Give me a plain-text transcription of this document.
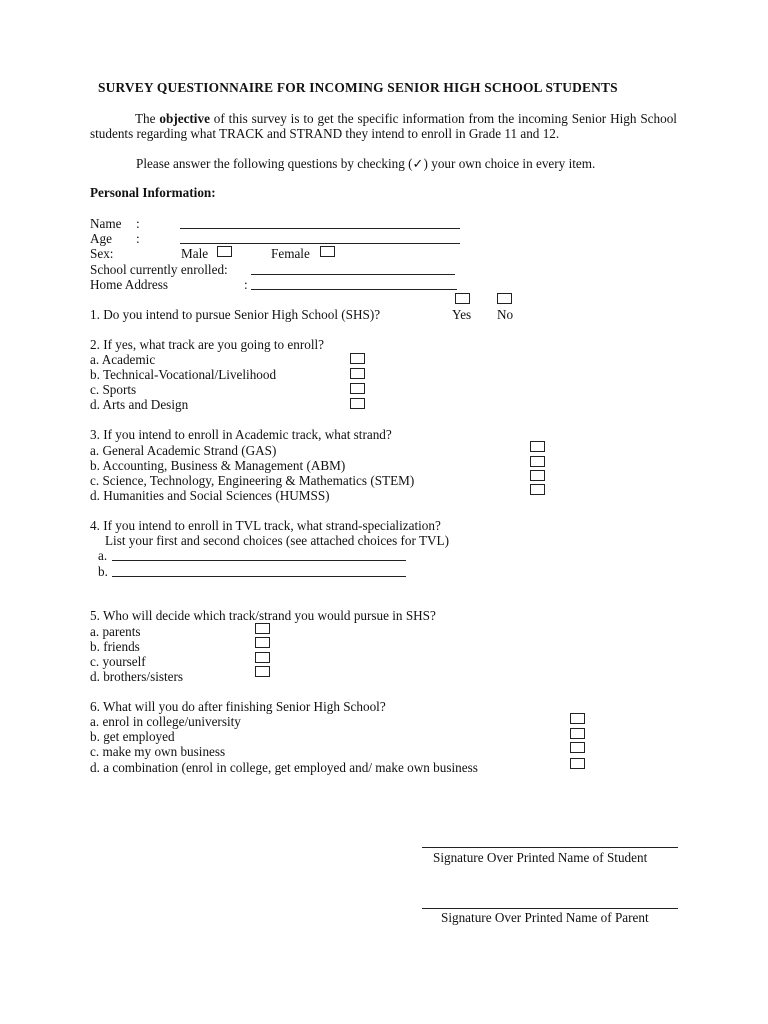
SURVEY QUESTIONNAIRE FOR INCOMING SENIOR HIGH SCHOOL STUDENTS
The objective of this survey is to get the specific information from the incoming Senior High School students regarding what TRACK and STRAND they intend to enroll in Grade 11 and 12.
Please answer the following questions by checking (✓) your own choice in every item.
Personal Information:
Name :
Age :
Sex:	Male	Female
School currently enrolled:
Home Address	:
1. Do you intend to pursue Senior High School (SHS)?	Yes No
2. If yes, what track are you going to enroll?
a. Academic
b. Technical-Vocational/Livelihood
c. Sports
d. Arts and Design
3. If you intend to enroll in Academic track, what strand?
a. General Academic Strand (GAS)
b. Accounting, Business & Management (ABM)
c. Science, Technology, Engineering & Mathematics (STEM)
d. Humanities and Social Sciences (HUMSS)
4. If you intend to enroll in TVL track, what strand-specialization?
List your first and second choices (see attached choices for TVL)
a.
b.
5. Who will decide which track/strand you would pursue in SHS?
a. parents
b. friends
c. yourself
d. brothers/sisters
6. What will you do after finishing Senior High School?
a. enrol in college/university
b. get employed
c. make my own business
d. a combination (enrol in college, get employed and/ make own business
Signature Over Printed Name of Student
Signature Over Printed Name of Parent
